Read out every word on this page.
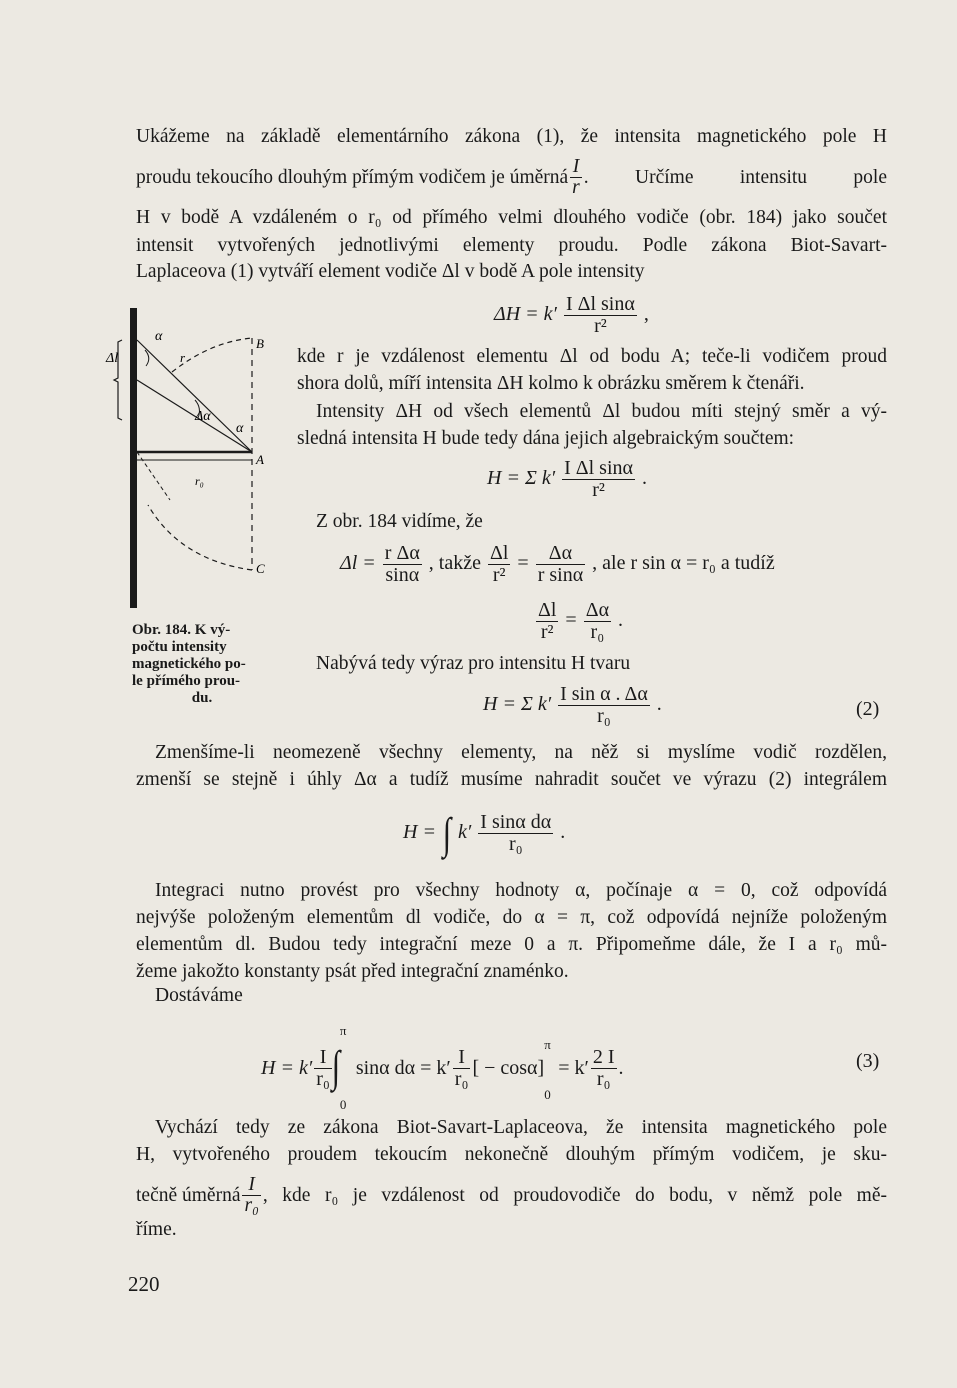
Ukážeme na základě elementárního zákona (1), že intensita magnetického pole H
proudu tekoucího dlouhým přímým vodičem je úměrná $\frac{I}{r}$ . Určíme intensitu pole
H v bodě A vzdáleném o r₀ od přímého velmi dlouhého vodiče (obr. 184) jako součet
intensit vytvořených jednotlivými elementy proudu. Podle zákona Biot-Savart-
Laplaceova (1) vytváří element vodiče Δl v bodě A pole intensity
$\Delta H = k' \frac{\text{I Δl sinα}}{\text{r²}}$ ,
Δl
α
r
B
Δα
α
A
r₀
C
Obr. 184. K vý-
počtu intensity
magnetického po-
le přímého prou-
du.
kde r je vzdálenost elementu Δl od bodu A; teče-li vodičem proud
shora dolů, míří intensita ΔH kolmo k obrázku směrem k čtenáři.
Intensity ΔH od všech elementů Δl budou míti stejný směr a vý-
sledná intensita H bude tedy dána jejich algebraickým součtem:
H = Σ $k' \frac{\text{I Δl sinα}}{\text{r²}}$ .
Z obr. 184 vidíme, že
$\Delta l = \frac{\text{r Δα}}{\sin\alpha}$ , takže $\frac{\Delta l}{\text{r²}} = \frac{\Delta\alpha}{\text{r sinα}}$ , ale r sin α = r₀ a tudíž
$\frac{\Delta l}{\text{r²}} = \frac{\Delta\alpha}{\text{r₀}}$ .
Nabývá tedy výraz pro intensitu H tvaru
H = Σ $k' \frac{\text{I sin α . Δα}}{\text{r₀}}$ .	(2)
Zmenšíme-li neomezeně všechny elementy, na něž si myslíme vodič rozdělen,
zmenší se stejně i úhly Δα a tudíž musíme nahradit součet ve výrazu (2) integrálem
H = ∫ $k' \frac{\text{I sinα dα}}{\text{r₀}}$ .
Integraci nutno provést pro všechny hodnoty α, počínaje α = 0, což odpovídá
nejvýše položeným elementům dl vodiče, do α = π, což odpovídá nejníže položeným
elementům dl. Budou tedy integrační meze 0 a π. Připomeňme dále, že I a r₀ mů-
žeme jakožto konstanty psát před integrační znaménko.
Dostáváme
$H = k' \frac{I}{\text{r₀}}$
π
∫
0
sinα $d\alpha = k' \frac{I}{\text{r₀}}$ [ − cosα]
π
0
= $k' \frac{2 I}{\text{r₀}}$ .	(3)
Vychází tedy ze zákona Biot-Savart-Laplaceova, že intensita magnetického pole
H, vytvořeného proudem tekoucím nekonečně dlouhým přímým vodičem, je sku-
tečně úměrná $\frac{I}{\text{r₀}}$ , kde r₀ je vzdálenost od proudovodiče do bodu, v němž pole mě-
říme.
220
